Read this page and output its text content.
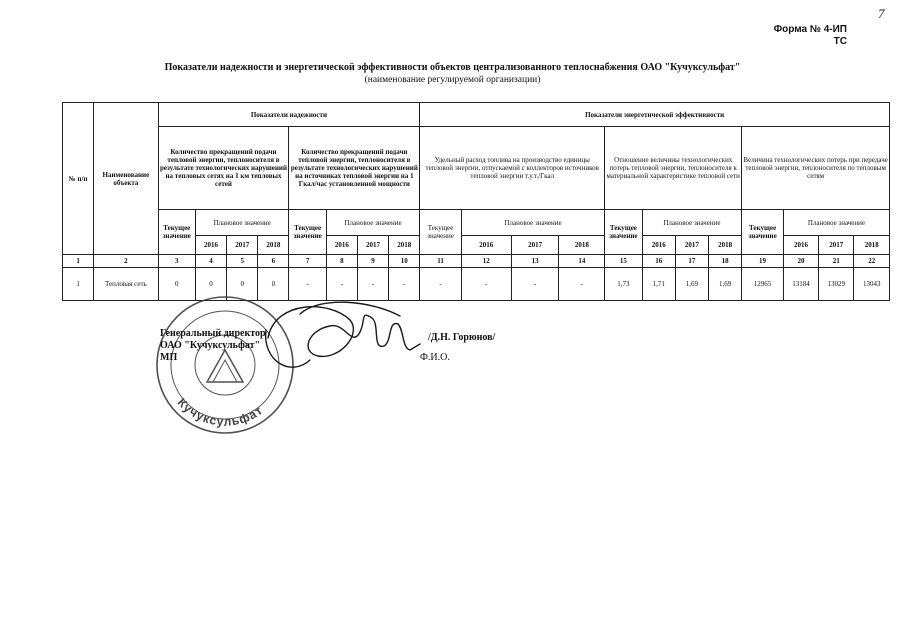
7
Форма № 4-ИП
ТС
Показатели надежности и энергетической эффективности объектов централизованного теплоснабжения ОАО "Кучуксульфат"
(наименование регулируемой организации)
№ п/п	Наименование объекта	Показатели надежности								Показатели энергетической эффективности											
		Количество прекращений подачи тепловой энергии, теплоносителя в результате технологических нарушений на тепловых сетях на 1 км тепловых сетей				Количество прекращений подачи тепловой энергии, теплоносителя в результате технологических нарушений на источниках тепловой энергии на 1 Гкал/час установленной мощности				Удельный расход топлива на производство единицы тепловой энергии, отпускаемой с коллекторов источников тепловой энергии т.у.т./Гкал				Отношение величины технологических потерь тепловой энергии, теплоносителя к материальной характеристике тепловой сети				Величина технологических потерь при передаче тепловой энергии, теплоносителя по тепловым сетям			
		Текущее значение	Плановое значение			Текущее значение	Плановое значение			Текущее значение	Плановое значение			Текущее значение	Плановое значение			Текущее значение	Плановое значение		
			2016	2017	2018		2016	2017	2018		2016	2017	2018		2016	2017	2018		2016	2017	2018
1	2	3	4	5	6	7	8	9	10	11	12	13	14	15	16	17	18	19	20	21	22
1	Тепловая сеть	0	0	0	0	-	-	-	-	-	-	-	-	1,73	1,71	1,69	1,69	12965	13184	13029	13043
Кучуксульфат
Генеральный директор
ОАО "Кучуксульфат"
МП
/Д.Н. Горюнов/
Ф.И.О.
